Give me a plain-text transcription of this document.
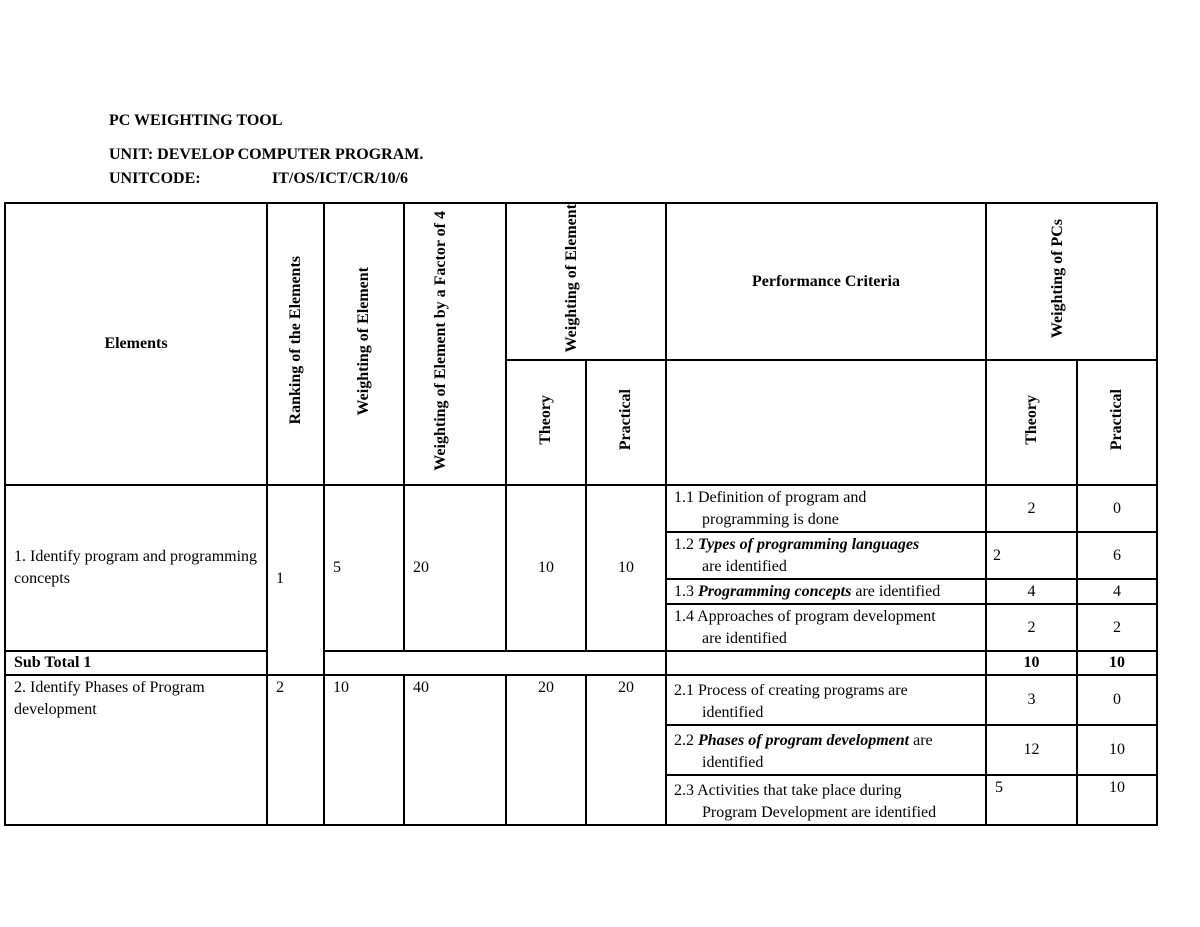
PC WEIGHTING TOOL
UNIT: DEVELOP COMPUTER PROGRAM.
UNITCODE:	IT/OS/ICT/CR/10/6
Elements	Ranking of the Elements	Weighting of Element	Weighting of Element by a Factor of 4	Weighting of Element		Performance Criteria	Weighting of PCs	
				Theory	Practical		Theory	Practical
1. Identify program and programming concepts	1	5	20	10	10	1.1 Definition of program and
programming is done	2	0
						1.2 Types of programming languages
are identified	2	6
						1.3 Programming concepts are identified	4	4
						1.4 Approaches of program development
are identified	2	2
Sub Total 1							10	10
2. Identify Phases of Program development	2	10	40	20	20	2.1 Process of creating programs are
identified	3	0
						2.2 Phases of program development are
identified	12	10
						2.3 Activities that take place during
Program Development are identified	5	10
